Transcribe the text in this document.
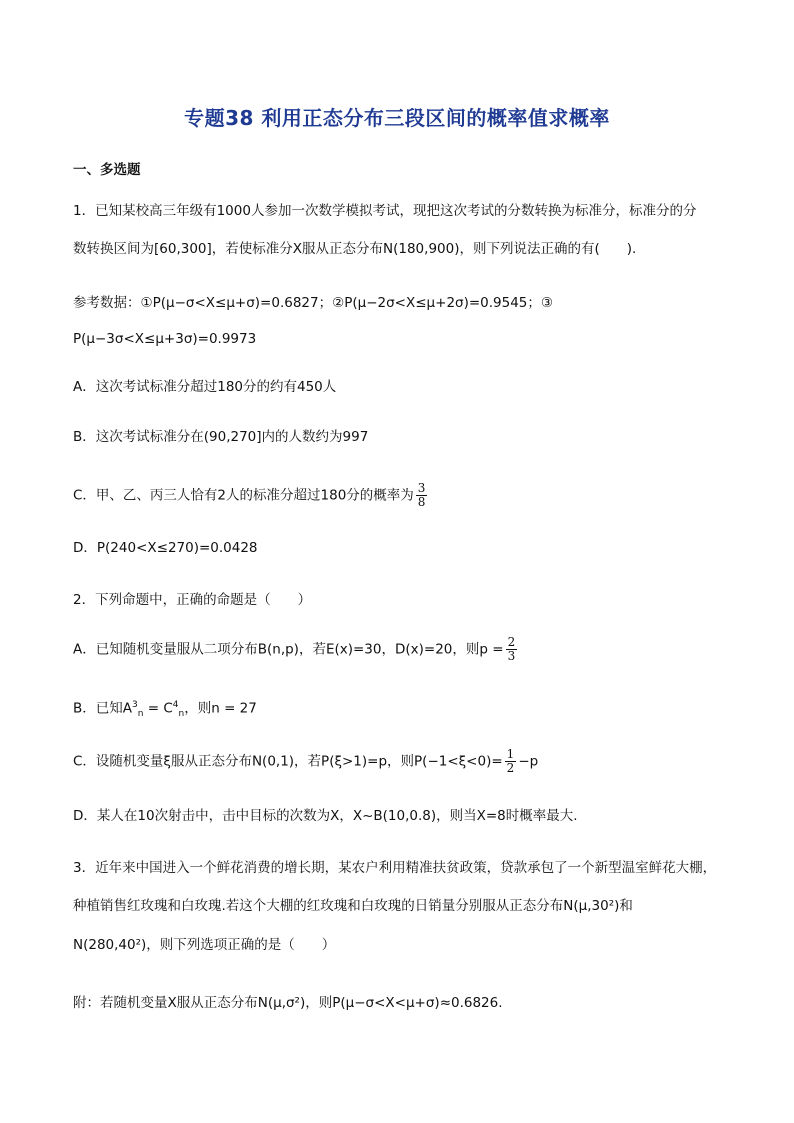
专题38 利用正态分布三段区间的概率值求概率
一、多选题
1．已知某校高三年级有1000人参加一次数学模拟考试，现把这次考试的分数转换为标准分，标准分的分
数转换区间为[60,300]，若使标准分X服从正态分布N(180,900)，则下列说法正确的有(　　).
参考数据：①P(μ−σ<X≤μ+σ)=0.6827；②P(μ−2σ<X≤μ+2σ)=0.9545；③
P(μ−3σ<X≤μ+3σ)=0.9973
A．这次考试标准分超过180分的约有450人
B．这次考试标准分在(90,270]内的人数约为997
C．甲、乙、丙三人恰有2人的标准分超过180分的概率为 $\frac{3}{8}$
D．P(240<X≤270)=0.0428
2．下列命题中，正确的命题是（　　）
A．已知随机变量服从二项分布B(n,p)，若E(x)=30，D(x)=20，则$p = \frac{2}{3}$
B．已知$A^3_n = C^4_n$，则n = 27
C．设随机变量ξ服从正态分布N(0,1)，若P(ξ>1)=p，则$P(-1<\xi<0)= \frac{1}{2} -p$
D．某人在10次射击中，击中目标的次数为X，X~B(10,0.8)，则当X=8时概率最大.
3．近年来中国进入一个鲜花消费的增长期，某农户利用精准扶贫政策，贷款承包了一个新型温室鲜花大棚，
种植销售红玫瑰和白玫瑰.若这个大棚的红玫瑰和白玫瑰的日销量分别服从正态分布N(μ,30²)和
N(280,40²)，则下列选项正确的是（　　）
附：若随机变量X服从正态分布N(μ,σ²)，则P(μ−σ<X<μ+σ)≈0.6826.
